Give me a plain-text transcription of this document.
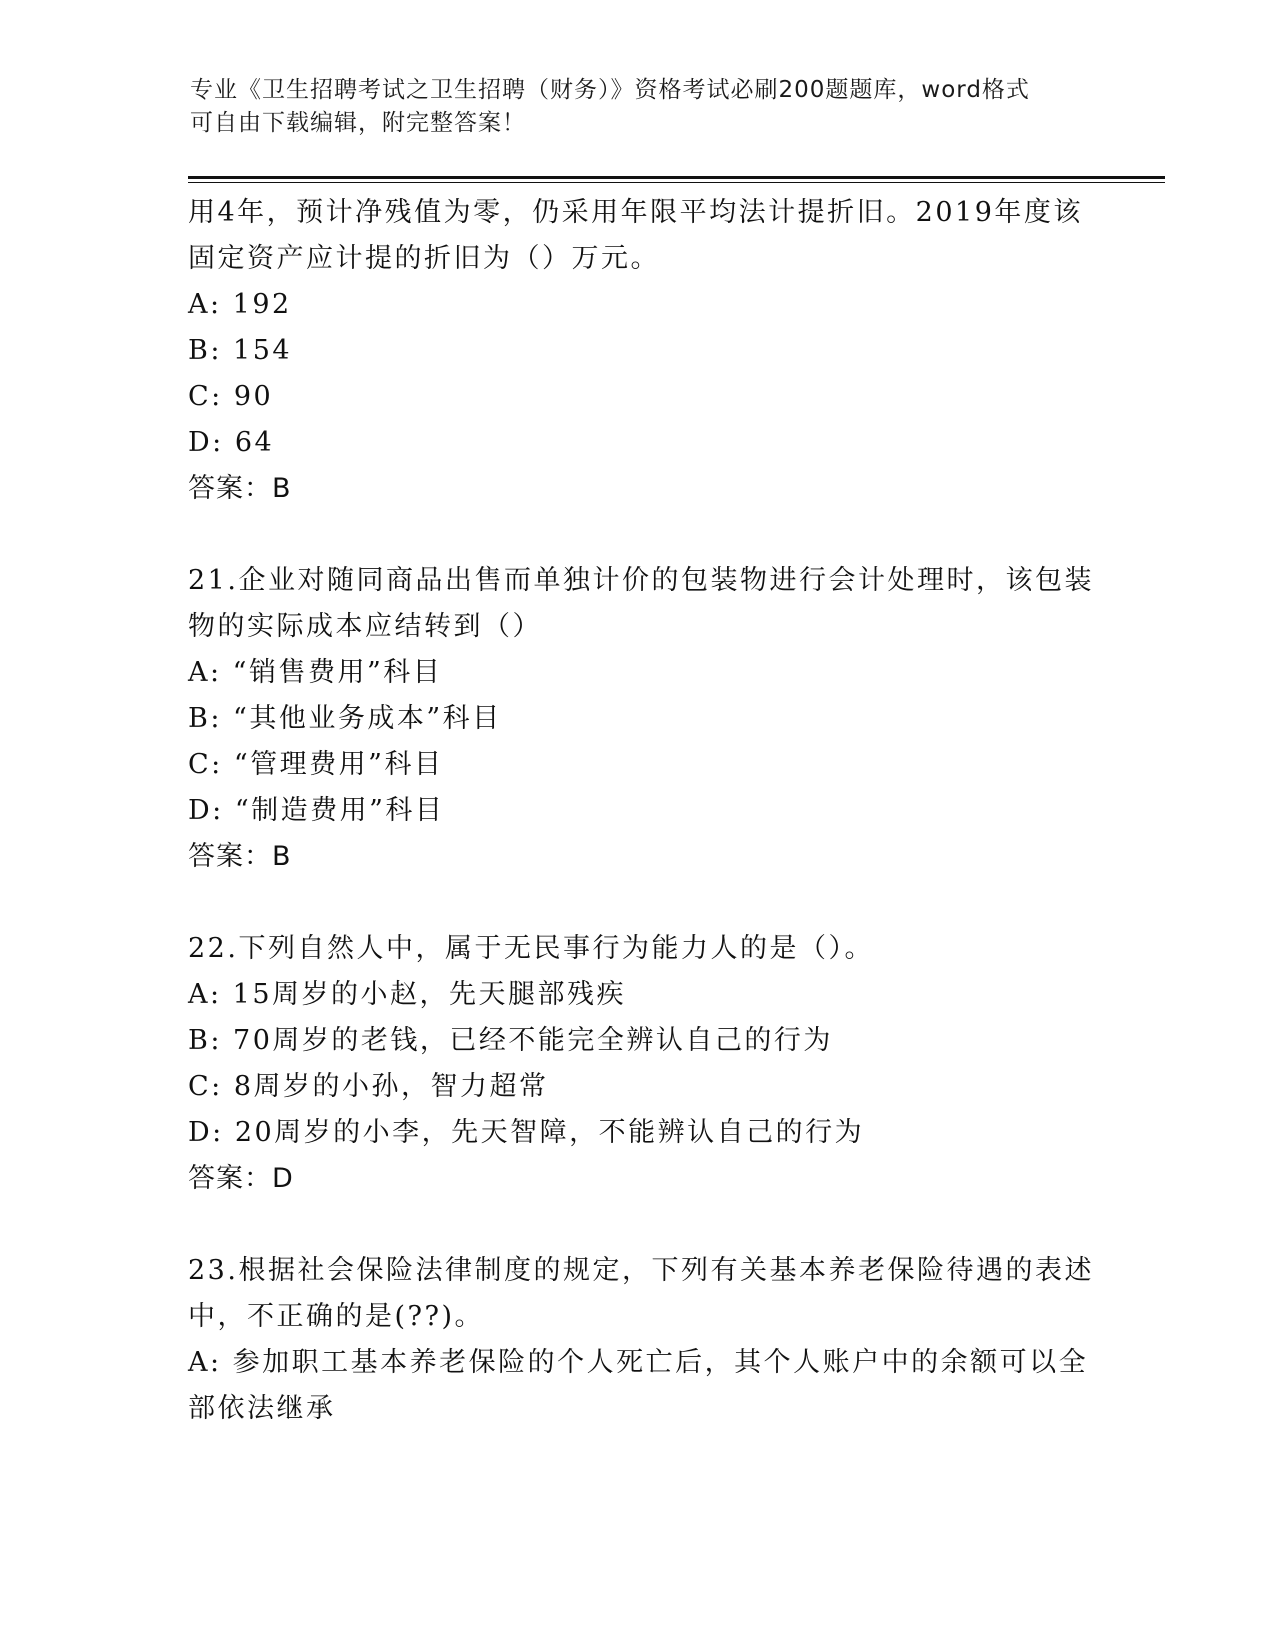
专业《卫生招聘考试之卫生招聘（财务）》资格考试必刷200题题库，word格式
可自由下载编辑，附完整答案！
用4年，预计净残值为零，仍采用年限平均法计提折旧。2019年度该
固定资产应计提的折旧为（）万元。
A: 192
B: 154
C: 90
D: 64
答案：B
21.企业对随同商品出售而单独计价的包装物进行会计处理时，该包装
物的实际成本应结转到（）
A: “销售费用”科目
B: “其他业务成本”科目
C: “管理费用”科目
D: “制造费用”科目
答案：B
22.下列自然人中，属于无民事行为能力人的是（）。
A: 15周岁的小赵，先天腿部残疾
B: 70周岁的老钱，已经不能完全辨认自己的行为
C: 8周岁的小孙，智力超常
D: 20周岁的小李，先天智障，不能辨认自己的行为
答案：D
23.根据社会保险法律制度的规定，下列有关基本养老保险待遇的表述
中，不正确的是(??)。
A: 参加职工基本养老保险的个人死亡后，其个人账户中的余额可以全
部依法继承
